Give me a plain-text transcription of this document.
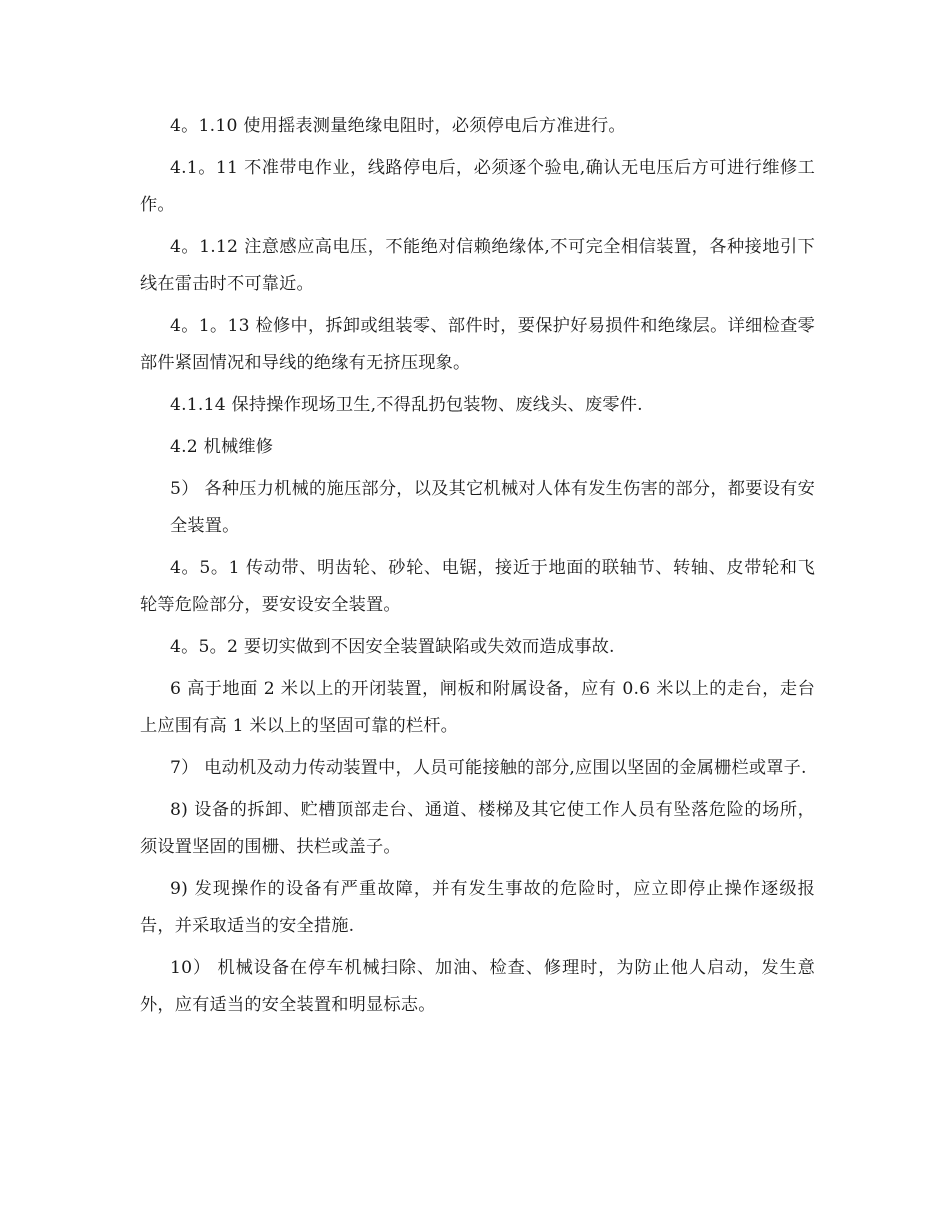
4。1.10 使用摇表测量绝缘电阻时，必须停电后方准进行。

4.1。11 不准带电作业，线路停电后，必须逐个验电,确认无电压后方可进行维修工作。

4。1.12 注意感应高电压，不能绝对信赖绝缘体,不可完全相信装置，各种接地引下线在雷击时不可靠近。

4。1。13 检修中，拆卸或组装零、部件时，要保护好易损件和绝缘层。详细检查零部件紧固情况和导线的绝缘有无挤压现象。

4.1.14 保持操作现场卫生,不得乱扔包装物、废线头、废零件.

4.2 机械维修

5） 各种压力机械的施压部分，以及其它机械对人体有发生伤害的部分，都要设有安全装置。

4。5。1 传动带、明齿轮、砂轮、电锯，接近于地面的联轴节、转轴、皮带轮和飞轮等危险部分，要安设安全装置。

4。5。2 要切实做到不因安全装置缺陷或失效而造成事故.

6 高于地面 2 米以上的开闭装置，闸板和附属设备，应有 0.6 米以上的走台，走台上应围有高 1 米以上的坚固可靠的栏杆。

7） 电动机及动力传动装置中，人员可能接触的部分,应围以坚固的金属栅栏或罩子.

8) 设备的拆卸、贮槽顶部走台、通道、楼梯及其它使工作人员有坠落危险的场所，须设置坚固的围栅、扶栏或盖子。

9) 发现操作的设备有严重故障，并有发生事故的危险时，应立即停止操作逐级报告，并采取适当的安全措施.

10） 机械设备在停车机械扫除、加油、检查、修理时，为防止他人启动，发生意外，应有适当的安全装置和明显标志。
